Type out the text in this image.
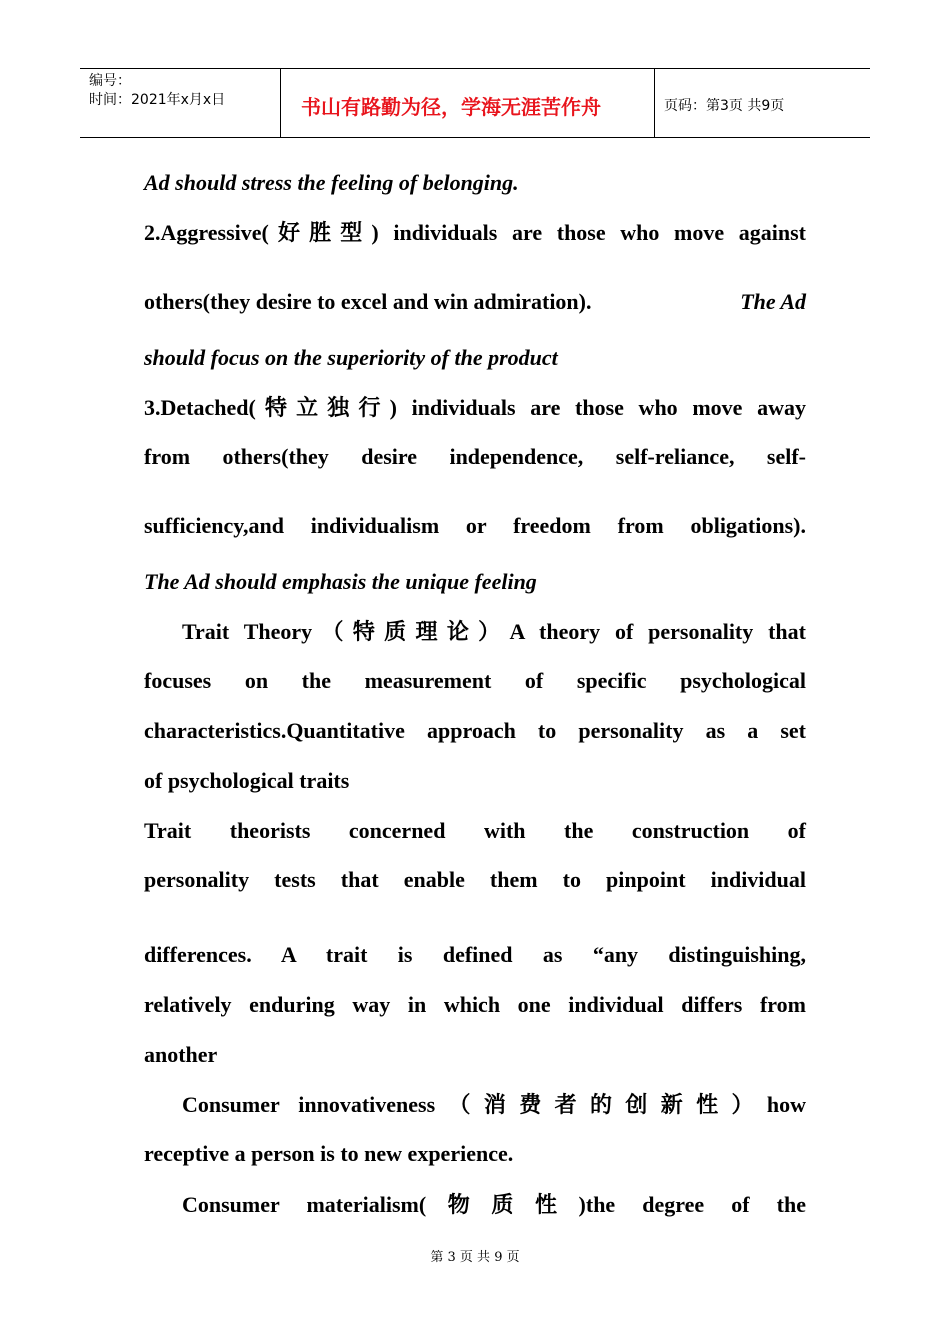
编号：
时间：2021年x月x日	书山有路勤为径，学海无涯苦作舟	页码：第3页 共9页
Ad should stress the feeling of belonging.
2.Aggressive(好胜型) individuals are those who move against
others(they desire to excel and win admiration).	The Ad
should focus on the superiority of the product
3.Detached(特立独行) individuals are those who move away
from others(they desire independence, self-reliance, self-
sufficiency,and individualism or freedom from obligations).
The Ad should emphasis the unique feeling
Trait Theory（特质理论）A theory of personality that
focuses on the measurement of specific psychological
characteristics.Quantitative approach to personality as a set
of psychological traits
Trait theorists concerned with the construction of
personality tests that enable them to pinpoint individual
differences. A trait is defined as “any distinguishing,
relatively enduring way in which one individual differs from
another
Consumer innovativeness（消费者的创新性）how
receptive a person is to new experience.
Consumer materialism(物质性)the degree of the
第 3 页 共 9 页
